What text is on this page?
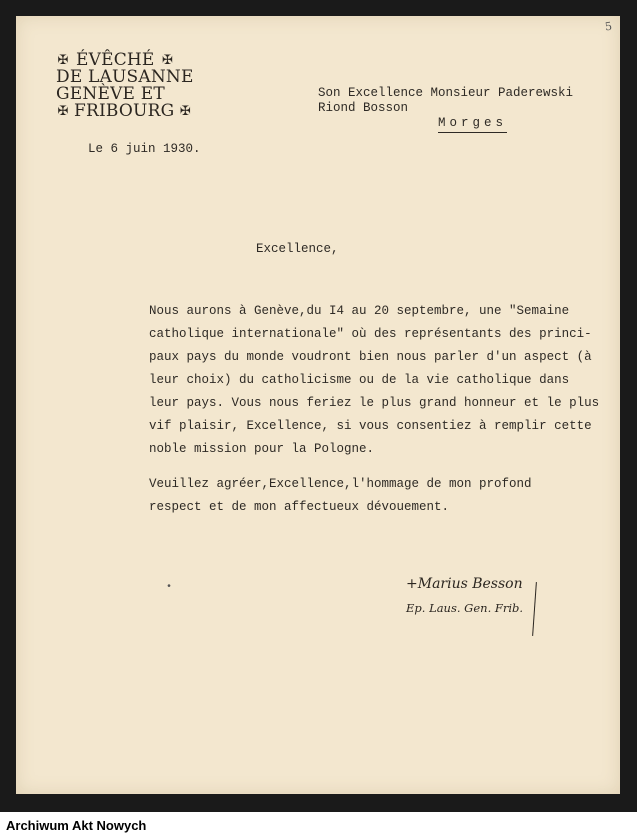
5
✠ ÉVÊCHÉ ✠
DE LAUSANNE
GENÈVE ET
✠ FRIBOURG ✠
Son Excellence Monsieur Paderewski
Riond Bosson
Morges
Le 6 juin 1930.
Excellence,

Nous aurons à Genève,du I4 au 20 septembre, une "Semaine
catholique internationale" où des représentants des princi-
paux pays du monde voudront bien nous parler d'un aspect (à
leur choix) du catholicisme ou de la vie catholique dans
leur pays. Vous nous feriez le plus grand honneur et le plus
vif plaisir, Excellence, si vous consentiez à remplir cette
noble mission pour la Pologne.

Veuillez agréer,Excellence,l'hommage de mon profond
respect et de mon affectueux dévouement.

•	+Marius Besson
Ep. Laus. Gen. Frib.
Archiwum Akt Nowych
